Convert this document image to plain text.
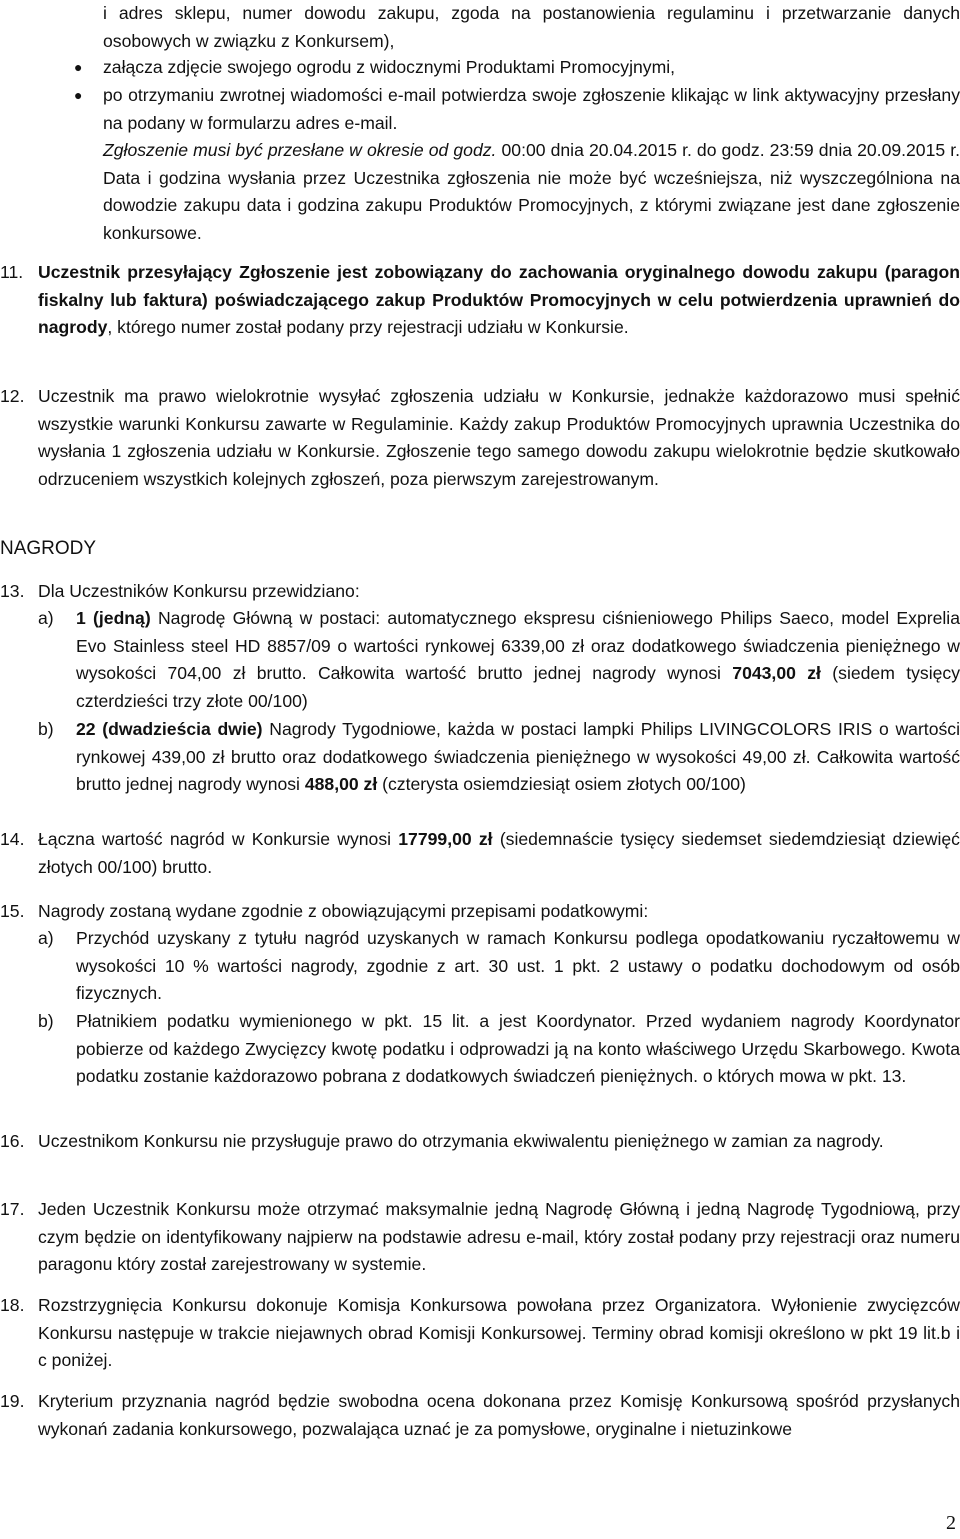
i adres sklepu, numer dowodu zakupu, zgoda na postanowienia regulaminu i przetwarzanie danych osobowych w związku z Konkursem),

● załącza zdjęcie swojego ogrodu z widocznymi Produktami Promocyjnymi,

● po otrzymaniu zwrotnej wiadomości e-mail potwierdza swoje zgłoszenie klikając w link aktywacyjny przesłany na podany w formularzu adres e-mail.

Zgłoszenie musi być przesłane w okresie od godz. 00:00 dnia 20.04.2015 r. do godz. 23:59 dnia 20.09.2015 r. Data i godzina wysłania przez Uczestnika zgłoszenia nie może być wcześniejsza, niż wyszczególniona na dowodzie zakupu data i godzina zakupu Produktów Promocyjnych, z którymi związane jest dane zgłoszenie konkursowe.

11. Uczestnik przesyłający Zgłoszenie jest zobowiązany do zachowania oryginalnego dowodu zakupu (paragon fiskalny lub faktura) poświadczającego zakup Produktów Promocyjnych w celu potwierdzenia uprawnień do nagrody, którego numer został podany przy rejestracji udziału w Konkursie.

12. Uczestnik ma prawo wielokrotnie wysyłać zgłoszenia udziału w Konkursie, jednakże każdorazowo musi spełnić wszystkie warunki Konkursu zawarte w Regulaminie. Każdy zakup Produktów Promocyjnych uprawnia Uczestnika do wysłania 1 zgłoszenia udziału w Konkursie. Zgłoszenie tego samego dowodu zakupu wielokrotnie będzie skutkowało odrzuceniem wszystkich kolejnych zgłoszeń, poza pierwszym zarejestrowanym.

NAGRODY
13. Dla Uczestników Konkursu przewidziano:

a) 1 (jedną) Nagrodę Główną w postaci: automatycznego ekspresu ciśnieniowego Philips Saeco, model Exprelia Evo Stainless steel HD 8857/09 o wartości rynkowej 6339,00 zł oraz dodatkowego świadczenia pieniężnego w wysokości 704,00 zł brutto. Całkowita wartość brutto jednej nagrody wynosi 7043,00 zł (siedem tysięcy czterdzieści trzy złote 00/100)

b) 22 (dwadzieścia dwie) Nagrody Tygodniowe, każda w postaci lampki Philips LIVINGCOLORS IRIS o wartości rynkowej 439,00 zł brutto oraz dodatkowego świadczenia pieniężnego w wysokości 49,00 zł. Całkowita wartość brutto jednej nagrody wynosi 488,00 zł (czterysta osiemdziesiąt osiem złotych 00/100)

14. Łączna wartość nagród w Konkursie wynosi 17799,00 zł (siedemnaście tysięcy siedemset siedemdziesiąt dziewięć złotych 00/100) brutto.

15. Nagrody zostaną wydane zgodnie z obowiązującymi przepisami podatkowymi:

a) Przychód uzyskany z tytułu nagród uzyskanych w ramach Konkursu podlega opodatkowaniu ryczałtowemu w wysokości 10 % wartości nagrody, zgodnie z art. 30 ust. 1 pkt. 2 ustawy o podatku dochodowym od osób fizycznych.

b) Płatnikiem podatku wymienionego w pkt. 15 lit. a jest Koordynator. Przed wydaniem nagrody Koordynator pobierze od każdego Zwycięzcy kwotę podatku i odprowadzi ją na konto właściwego Urzędu Skarbowego. Kwota podatku zostanie każdorazowo pobrana z dodatkowych świadczeń pieniężnych. o których mowa w pkt. 13.

16. Uczestnikom Konkursu nie przysługuje prawo do otrzymania ekwiwalentu pieniężnego w zamian za nagrody.

17. Jeden Uczestnik Konkursu może otrzymać maksymalnie jedną Nagrodę Główną i jedną Nagrodę Tygodniową, przy czym będzie on identyfikowany najpierw na podstawie adresu e-mail, który został podany przy rejestracji oraz numeru paragonu który został zarejestrowany w systemie.

18. Rozstrzygnięcia Konkursu dokonuje Komisja Konkursowa powołana przez Organizatora. Wyłonienie zwycięzców Konkursu następuje w trakcie niejawnych obrad Komisji Konkursowej. Terminy obrad komisji określono w pkt 19 lit.b i c poniżej.

19. Kryterium przyznania nagród będzie swobodna ocena dokonana przez Komisję Konkursową spośród przysłanych wykonań zadania konkursowego, pozwalająca uznać je za pomysłowe, oryginalne i nietuzinkowe

2
